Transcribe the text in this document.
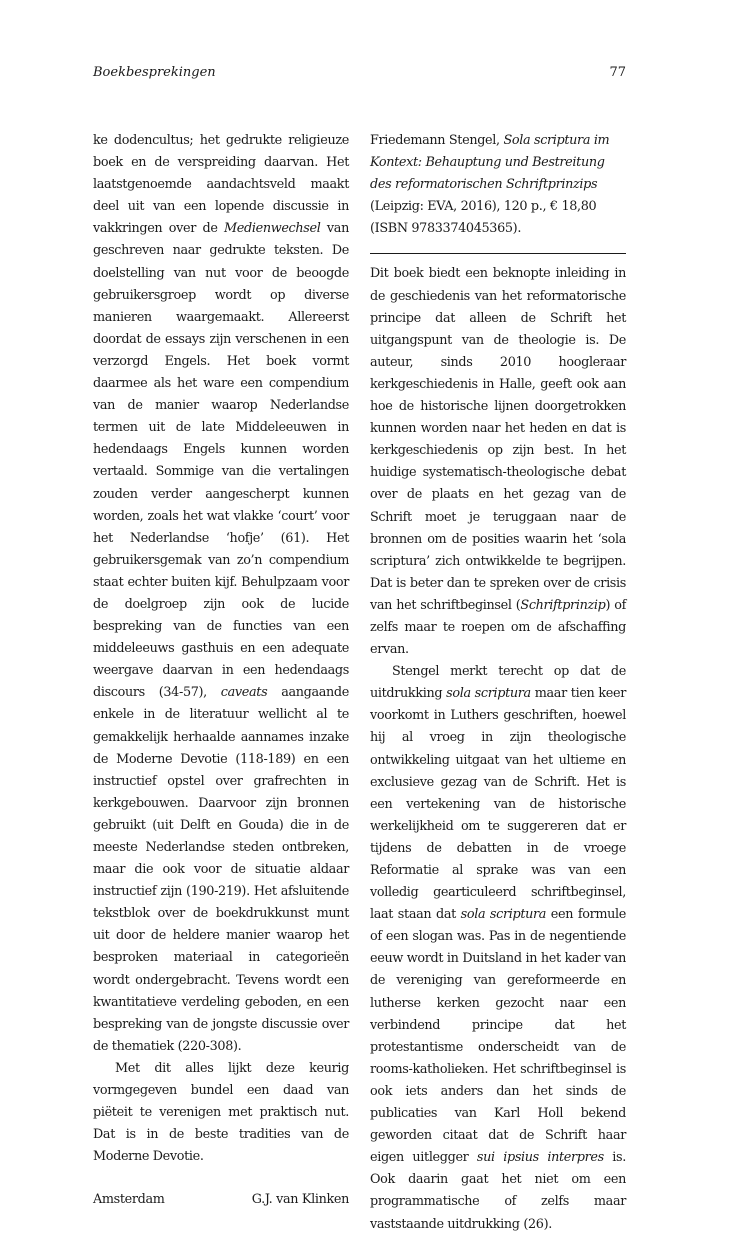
Boekbesprekingen	77

ke dodencultus; het gedrukte religieuze boek en de verspreiding daarvan. Het laatstgenoemde aandachtsveld maakt deel uit van een lopende discussie in vakkringen over de Medienwechsel van geschreven naar gedrukte teksten. De doelstelling van nut voor de beoogde gebruikersgroep wordt op diverse manieren waargemaakt. Allereerst doordat de essays zijn verschenen in een verzorgd Engels. Het boek vormt daarmee als het ware een compendium van de manier waarop Nederlandse termen uit de late Middeleeuwen in hedendaags Engels kunnen worden vertaald. Sommige van die vertalingen zouden verder aangescherpt kunnen worden, zoals het wat vlakke ‘court’ voor het Nederlandse ‘hofje’ (61). Het gebruikersgemak van zo’n compendium staat echter buiten kijf. Behulpzaam voor de doelgroep zijn ook de lucide bespreking van de functies van een middeleeuws gasthuis en een adequate weergave daarvan in een hedendaags discours (34-57), caveats aangaande enkele in de literatuur wellicht al te gemakkelijk herhaalde aannames inzake de Moderne Devotie (118-189) en een instructief opstel over grafrechten in kerkgebouwen. Daarvoor zijn bronnen gebruikt (uit Delft en Gouda) die in de meeste Nederlandse steden ontbreken, maar die ook voor de situatie aldaar instructief zijn (190-219). Het afsluitende tekstblok over de boekdrukkunst munt uit door de heldere manier waarop het besproken materiaal in categorieën wordt ondergebracht. Tevens wordt een kwantitatieve verdeling geboden, en een bespreking van de jongste discussie over de thematiek (220-308).

Met dit alles lijkt deze keurig vormgegeven bundel een daad van piëteit te verenigen met praktisch nut. Dat is in de beste tradities van de Moderne Devotie.

Amsterdam	G.J. van Klinken

Friedemann Stengel, Sola scriptura im Kontext: Behauptung und Bestreitung des reformatorischen Schriftprinzips (Leipzig: EVA, 2016), 120 p., € 18,80 (ISBN 9783374045365).

Dit boek biedt een beknopte inleiding in de geschiedenis van het reformatorische principe dat alleen de Schrift het uitgangspunt van de theologie is. De auteur, sinds 2010 hoogleraar kerkgeschiedenis in Halle, geeft ook aan hoe de historische lijnen doorgetrokken kunnen worden naar het heden en dat is kerkgeschiedenis op zijn best. In het huidige systematisch-theologische debat over de plaats en het gezag van de Schrift moet je teruggaan naar de bronnen om de posities waarin het ‘sola scriptura’ zich ontwikkelde te begrijpen. Dat is beter dan te spreken over de crisis van het schriftbeginsel (Schriftprinzip) of zelfs maar te roepen om de afschaffing ervan.

Stengel merkt terecht op dat de uitdrukking sola scriptura maar tien keer voorkomt in Luthers geschriften, hoewel hij al vroeg in zijn theologische ontwikkeling uitgaat van het ultieme en exclusieve gezag van de Schrift. Het is een vertekening van de historische werkelijkheid om te suggereren dat er tijdens de debatten in de vroege Reformatie al sprake was van een volledig gearticuleerd schriftbeginsel, laat staan dat sola scriptura een formule of een slogan was. Pas in de negentiende eeuw wordt in Duitsland in het kader van de vereniging van gereformeerde en lutherse kerken gezocht naar een verbindend principe dat het protestantisme onderscheidt van de rooms-katholieken. Het schriftbeginsel is ook iets anders dan het sinds de publicaties van Karl Holl bekend geworden citaat dat de Schrift haar eigen uitlegger sui ipsius interpres is. Ook daarin gaat het niet om een programmatische of zelfs maar vaststaande uitdrukking (26).
